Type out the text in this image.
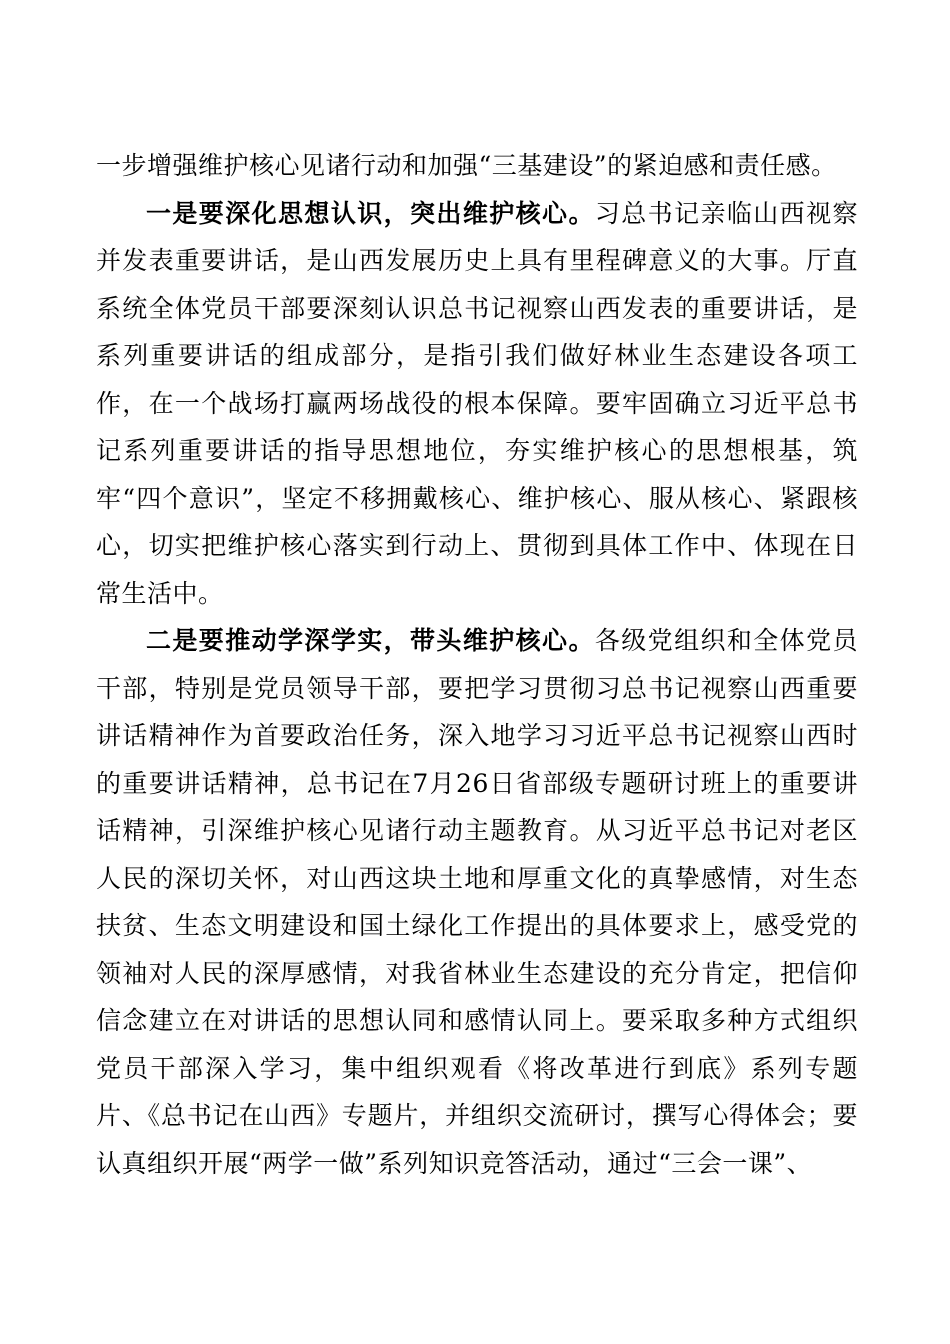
一步增强维护核心见诸行动和加强“三基建设”的紧迫感和责任感。

一是要深化思想认识，突出维护核心。习总书记亲临山西视察并发表重要讲话，是山西发展历史上具有里程碑意义的大事。厅直系统全体党员干部要深刻认识总书记视察山西发表的重要讲话，是系列重要讲话的组成部分，是指引我们做好林业生态建设各项工作，在一个战场打赢两场战役的根本保障。要牢固确立习近平总书记系列重要讲话的指导思想地位，夯实维护核心的思想根基，筑牢“四个意识”，坚定不移拥戴核心、维护核心、服从核心、紧跟核心，切实把维护核心落实到行动上、贯彻到具体工作中、体现在日常生活中。

二是要推动学深学实，带头维护核心。各级党组织和全体党员干部，特别是党员领导干部，要把学习贯彻习总书记视察山西重要讲话精神作为首要政治任务，深入地学习习近平总书记视察山西时的重要讲话精神，总书记在7月26日省部级专题研讨班上的重要讲话精神，引深维护核心见诸行动主题教育。从习近平总书记对老区人民的深切关怀，对山西这块土地和厚重文化的真挚感情，对生态扶贫、生态文明建设和国土绿化工作提出的具体要求上，感受党的领袖对人民的深厚感情，对我省林业生态建设的充分肯定，把信仰信念建立在对讲话的思想认同和感情认同上。要采取多种方式组织党员干部深入学习，集中组织观看《将改革进行到底》系列专题片、《总书记在山西》专题片，并组织交流研讨，撰写心得体会；要认真组织开展“两学一做”系列知识竞答活动，通过“三会一课”、
